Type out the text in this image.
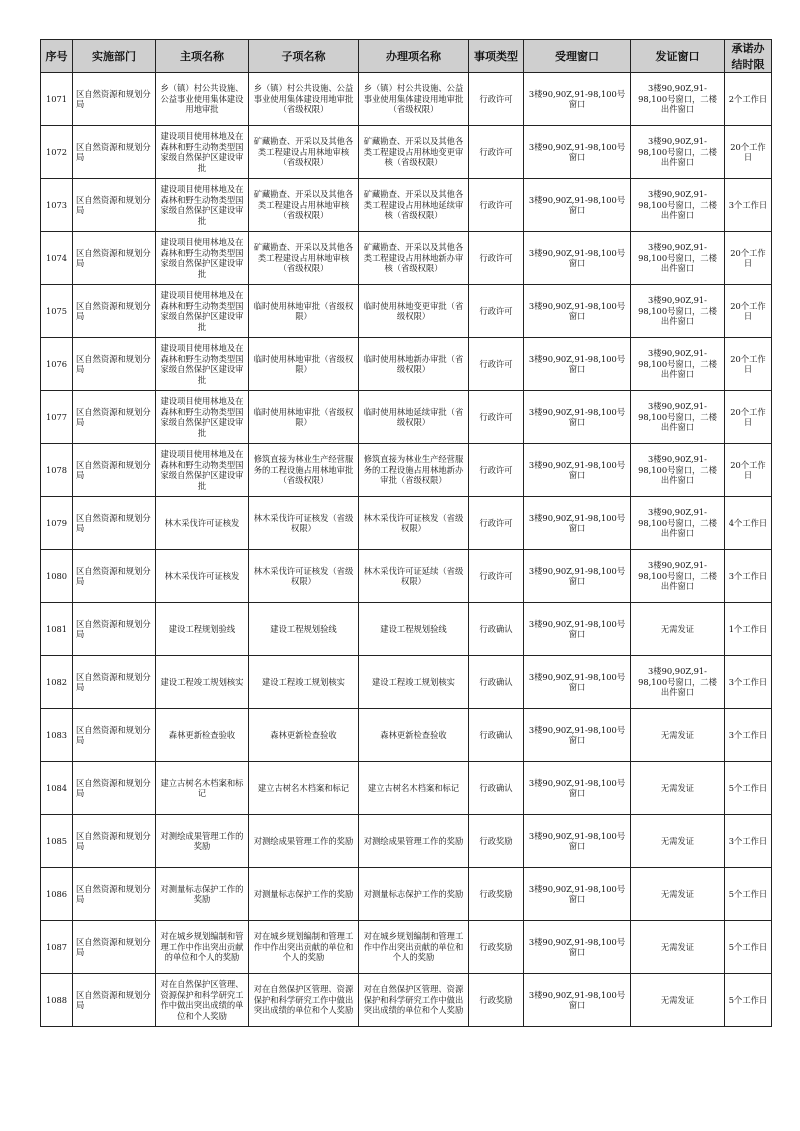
序号	实施部门	主项名称	子项名称	办理项名称	事项类型	受理窗口	发证窗口	承诺办结时限
1071	区自然资源和规划分局	乡（镇）村公共设施、公益事业使用集体建设用地审批	乡（镇）村公共设施、公益事业使用集体建设用地审批（省级权限）	乡（镇）村公共设施、公益事业使用集体建设用地审批（省级权限）	行政许可	3楼90,90Z,91-98,100号窗口	3楼90,90Z,91-98,100号窗口，二楼出件窗口	2个工作日
1072	区自然资源和规划分局	建设项目使用林地及在森林和野生动物类型国家级自然保护区建设审批	矿藏勘查、开采以及其他各类工程建设占用林地审核（省级权限）	矿藏勘查、开采以及其他各类工程建设占用林地变更审核（省级权限）	行政许可	3楼90,90Z,91-98,100号窗口	3楼90,90Z,91-98,100号窗口，二楼出件窗口	20个工作日
1073	区自然资源和规划分局	建设项目使用林地及在森林和野生动物类型国家级自然保护区建设审批	矿藏勘查、开采以及其他各类工程建设占用林地审核（省级权限）	矿藏勘查、开采以及其他各类工程建设占用林地延续审核（省级权限）	行政许可	3楼90,90Z,91-98,100号窗口	3楼90,90Z,91-98,100号窗口，二楼出件窗口	3个工作日
1074	区自然资源和规划分局	建设项目使用林地及在森林和野生动物类型国家级自然保护区建设审批	矿藏勘查、开采以及其他各类工程建设占用林地审核（省级权限）	矿藏勘查、开采以及其他各类工程建设占用林地新办审核（省级权限）	行政许可	3楼90,90Z,91-98,100号窗口	3楼90,90Z,91-98,100号窗口，二楼出件窗口	20个工作日
1075	区自然资源和规划分局	建设项目使用林地及在森林和野生动物类型国家级自然保护区建设审批	临时使用林地审批（省级权限）	临时使用林地变更审批（省级权限）	行政许可	3楼90,90Z,91-98,100号窗口	3楼90,90Z,91-98,100号窗口，二楼出件窗口	20个工作日
1076	区自然资源和规划分局	建设项目使用林地及在森林和野生动物类型国家级自然保护区建设审批	临时使用林地审批（省级权限）	临时使用林地新办审批（省级权限）	行政许可	3楼90,90Z,91-98,100号窗口	3楼90,90Z,91-98,100号窗口，二楼出件窗口	20个工作日
1077	区自然资源和规划分局	建设项目使用林地及在森林和野生动物类型国家级自然保护区建设审批	临时使用林地审批（省级权限）	临时使用林地延续审批（省级权限）	行政许可	3楼90,90Z,91-98,100号窗口	3楼90,90Z,91-98,100号窗口，二楼出件窗口	20个工作日
1078	区自然资源和规划分局	建设项目使用林地及在森林和野生动物类型国家级自然保护区建设审批	修筑直接为林业生产经营服务的工程设施占用林地审批（省级权限）	修筑直接为林业生产经营服务的工程设施占用林地新办审批（省级权限）	行政许可	3楼90,90Z,91-98,100号窗口	3楼90,90Z,91-98,100号窗口，二楼出件窗口	20个工作日
1079	区自然资源和规划分局	林木采伐许可证核发	林木采伐许可证核发（省级权限）	林木采伐许可证核发（省级权限）	行政许可	3楼90,90Z,91-98,100号窗口	3楼90,90Z,91-98,100号窗口，二楼出件窗口	4个工作日
1080	区自然资源和规划分局	林木采伐许可证核发	林木采伐许可证核发（省级权限）	林木采伐许可证延续（省级权限）	行政许可	3楼90,90Z,91-98,100号窗口	3楼90,90Z,91-98,100号窗口，二楼出件窗口	3个工作日
1081	区自然资源和规划分局	建设工程规划验线	建设工程规划验线	建设工程规划验线	行政确认	3楼90,90Z,91-98,100号窗口	无需发证	1个工作日
1082	区自然资源和规划分局	建设工程竣工规划核实	建设工程竣工规划核实	建设工程竣工规划核实	行政确认	3楼90,90Z,91-98,100号窗口	3楼90,90Z,91-98,100号窗口，二楼出件窗口	3个工作日
1083	区自然资源和规划分局	森林更新检查验收	森林更新检查验收	森林更新检查验收	行政确认	3楼90,90Z,91-98,100号窗口	无需发证	3个工作日
1084	区自然资源和规划分局	建立古树名木档案和标记	建立古树名木档案和标记	建立古树名木档案和标记	行政确认	3楼90,90Z,91-98,100号窗口	无需发证	5个工作日
1085	区自然资源和规划分局	对测绘成果管理工作的奖励	对测绘成果管理工作的奖励	对测绘成果管理工作的奖励	行政奖励	3楼90,90Z,91-98,100号窗口	无需发证	3个工作日
1086	区自然资源和规划分局	对测量标志保护工作的奖励	对测量标志保护工作的奖励	对测量标志保护工作的奖励	行政奖励	3楼90,90Z,91-98,100号窗口	无需发证	5个工作日
1087	区自然资源和规划分局	对在城乡规划编制和管理工作中作出突出贡献的单位和个人的奖励	对在城乡规划编制和管理工作中作出突出贡献的单位和个人的奖励	对在城乡规划编制和管理工作中作出突出贡献的单位和个人的奖励	行政奖励	3楼90,90Z,91-98,100号窗口	无需发证	5个工作日
1088	区自然资源和规划分局	对在自然保护区管理、资源保护和科学研究工作中做出突出成绩的单位和个人奖励	对在自然保护区管理、资源保护和科学研究工作中做出突出成绩的单位和个人奖励	对在自然保护区管理、资源保护和科学研究工作中做出突出成绩的单位和个人奖励	行政奖励	3楼90,90Z,91-98,100号窗口	无需发证	5个工作日
